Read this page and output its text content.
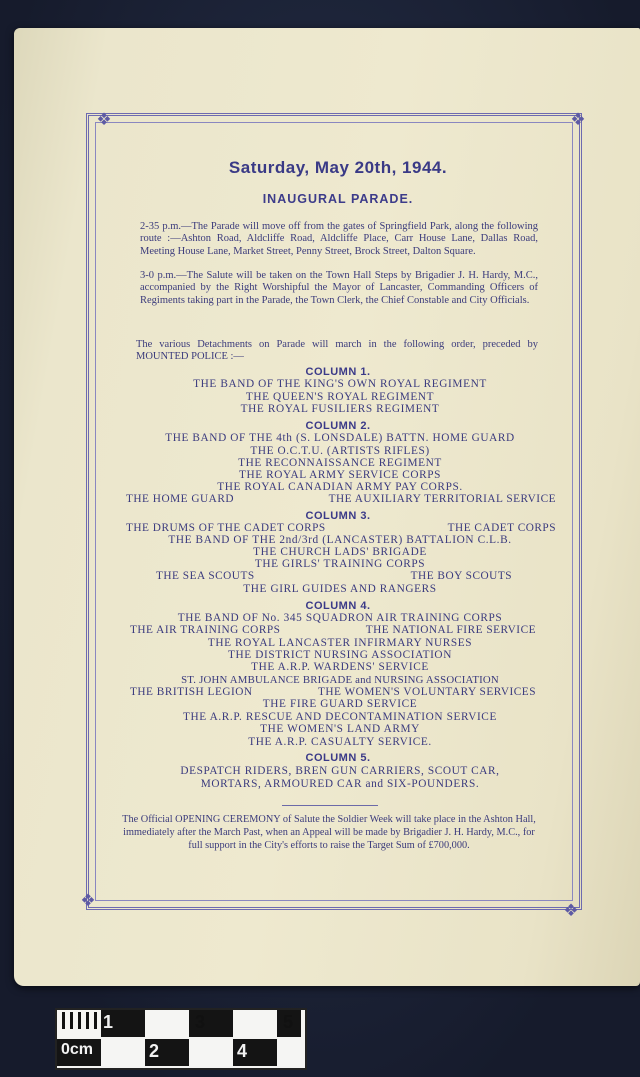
❖	❖
❖
❖
Saturday, May 20th, 1944.
INAUGURAL PARADE.
2-35 p.m.—The Parade will move off from the gates of Springfield Park, along the following route :—Ashton Road, Aldcliffe Road, Aldcliffe Place, Carr House Lane, Dallas Road, Meeting House Lane, Market Street, Penny Street, Brock Street, Dalton Square.
3-0 p.m.—The Salute will be taken on the Town Hall Steps by Brigadier J. H. Hardy, M.C., accompanied by the Right Worshipful the Mayor of Lancaster, Commanding Officers of Regiments taking part in the Parade, the Town Clerk, the Chief Constable and City Officials.
The various Detachments on Parade will march in the following order, preceded by MOUNTED POLICE :—
COLUMN 1.
THE BAND OF THE KING'S OWN ROYAL REGIMENT
THE QUEEN'S ROYAL REGIMENT
THE ROYAL FUSILIERS REGIMENT
COLUMN 2.
THE BAND OF THE 4th (S. LONSDALE) BATTN. HOME GUARD
THE O.C.T.U. (ARTISTS RIFLES)
THE RECONNAISSANCE REGIMENT
THE ROYAL ARMY SERVICE CORPS
THE ROYAL CANADIAN ARMY PAY CORPS.
THE HOME GUARD	THE AUXILIARY TERRITORIAL SERVICE
COLUMN 3.
THE DRUMS OF THE CADET CORPS	THE CADET CORPS
THE BAND OF THE 2nd/3rd (LANCASTER) BATTALION C.L.B.
THE CHURCH LADS' BRIGADE
THE GIRLS' TRAINING CORPS
THE SEA SCOUTS	THE BOY SCOUTS
THE GIRL GUIDES AND RANGERS
COLUMN 4.
THE BAND OF No. 345 SQUADRON AIR TRAINING CORPS
THE AIR TRAINING CORPS	THE NATIONAL FIRE SERVICE
THE ROYAL LANCASTER INFIRMARY NURSES
THE DISTRICT NURSING ASSOCIATION
THE A.R.P. WARDENS' SERVICE
ST. JOHN AMBULANCE BRIGADE and NURSING ASSOCIATION
THE BRITISH LEGION	THE WOMEN'S VOLUNTARY SERVICES
THE FIRE GUARD SERVICE
THE A.R.P. RESCUE AND DECONTAMINATION SERVICE
THE WOMEN'S LAND ARMY
THE A.R.P. CASUALTY SERVICE.
COLUMN 5.
DESPATCH RIDERS, BREN GUN CARRIERS, SCOUT CAR,
MORTARS, ARMOURED CAR and SIX-POUNDERS.
The Official OPENING CEREMONY of Salute the Soldier Week will take place in the Ashton Hall, immediately after the March Past, when an Appeal will be made by Brigadier J. H. Hardy, M.C., for full support in the City's efforts to raise the Target Sum of £700,000.
1	3	5
0cm	2	4
